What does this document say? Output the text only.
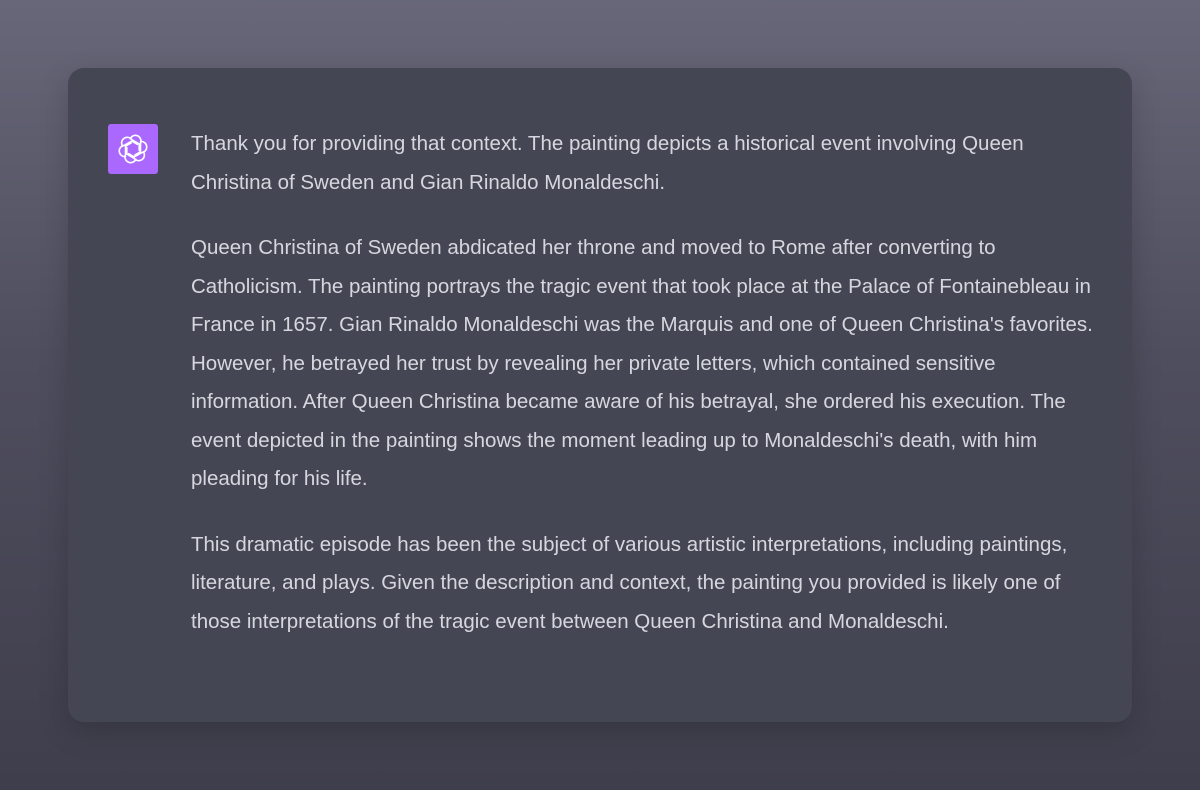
Thank you for providing that context. The painting depicts a historical event involving Queen Christina of Sweden and Gian Rinaldo Monaldeschi.

Queen Christina of Sweden abdicated her throne and moved to Rome after converting to Catholicism. The painting portrays the tragic event that took place at the Palace of Fontainebleau in France in 1657. Gian Rinaldo Monaldeschi was the Marquis and one of Queen Christina's favorites. However, he betrayed her trust by revealing her private letters, which contained sensitive information. After Queen Christina became aware of his betrayal, she ordered his execution. The event depicted in the painting shows the moment leading up to Monaldeschi's death, with him pleading for his life.

This dramatic episode has been the subject of various artistic interpretations, including paintings, literature, and plays. Given the description and context, the painting you provided is likely one of those interpretations of the tragic event between Queen Christina and Monaldeschi.
